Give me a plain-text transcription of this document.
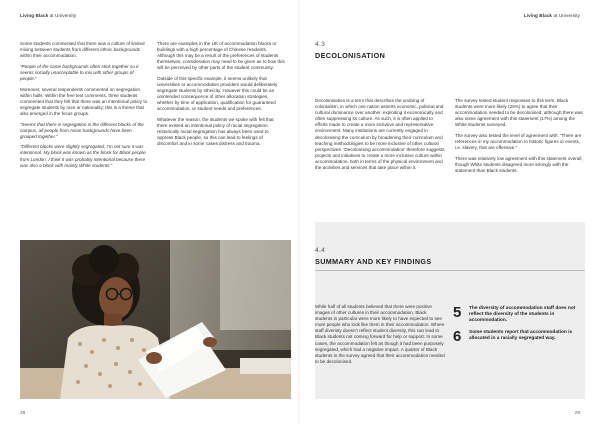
Living Black at University

Some students commented that there was a culture of limited mixing between students from different ethnic backgrounds within their accommodation.

“People of the same backgrounds often stick together so it seems socially unacceptable to mix with other groups of people.”

Moreover, several respondents commented on segregation within halls. Within the free text comments, three students commented that they felt that there was an intentional policy to segregate students by race or nationality; this is a theme that also emerged in the focus groups.

“Seems that there is segregation in the different blocks of the campus, all people from Asian backgrounds have been grouped together.”

“Different blocks were slightly segregated, I’m not sure it was intentional. My block was known as the block for Black people from London. I think it was probably intentional because there was also a block with mainly White students.”

There are examples in the UK of accommodation blocks or buildings with a high percentage of Chinese residents. Although this may be a result of the preferences of students themselves, consideration may need to be given as to how this will be perceived by other parts of the student community.

Outside of this specific example, it seems unlikely that universities or accommodation providers would deliberately segregate students by ethnicity. However this could be an unintended consequence of other allocation strategies, whether by time of application, qualification for guaranteed accommodation, or student needs and preferences.

Whatever the reason, the students we spoke with felt that there existed an intentional policy of racial segregation. Historically racial segregation has always been used to oppress Black people, so this can lead to feelings of discomfort and in some cases distress and trauma.

28
Living Black at University
4.3
DECOLONISATION

Decolonisation is a term that describes the undoing of colonialism, in which one nation asserts economic, political and cultural dominance over another, exploiting it economically and often suppressing its culture. As such, it is often applied to efforts made to create a more inclusive and representative environment. Many institutions are currently engaged in decolonising the curriculum by broadening their curriculum and teaching methodologies to be more inclusive of other cultural perspectives. ‘Decolonising accommodation’ therefore suggests projects and initiatives to create a more inclusive culture within accommodation, both in terms of the physical environment and the activities and services that take place within it.

The survey tested student responses to this term. Black students were more likely (26%) to agree that their accommodation needed to be decolonised, although there was also some agreement with this statement (17%) among the White students surveyed.

The survey also tested the level of agreement with: “There are references in my accommodation to historic figures or events, i.e. slavery, that are offensive.”

There was relatively low agreement with this statement overall, though White students disagreed more strongly with the statement than Black students.

4.4
SUMMARY AND KEY FINDINGS
While half of all students believed that there were positive images of other cultures in their accommodation. Black students in particular were more likely to have expected to see more people who look like them in their accommodation. Where staff diversity doesn’t reflect student diversity, this can lead to Black students not coming forward for help or support. In some cases, the accommodation felt as though it had been purposely segregated, which had a negative impact. A quarter of Black students in the survey agreed that their accommodation needed to be decolonised.
5	The diversity of accommodation staff does not reflect the diversity of the students in accommodation.
6	Some students report that accommodation is allocated in a racially segregated way.
29
